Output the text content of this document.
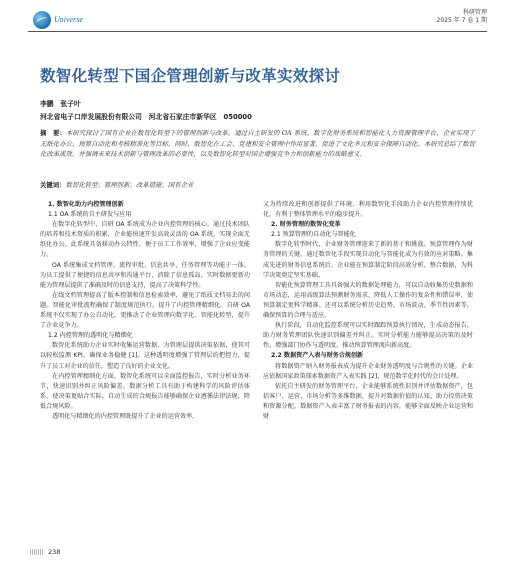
Universe
科研管理
2025 年 7 卷 1 期
数智化转型下国企管理创新与改革实效探讨
李鹏　张子叶
河北省电子口岸发展股份有限公司　河北省石家庄市新华区　050000
摘　要：本研究探讨了国有企业在数智化转型下的管理创新与改革。通过自主研发的 OA 系统、数字化财务系统和智能化人力资源管理平台，企业实现了无纸化办公、预算自动化和考核精准化等目标。同时，数智化在工会、党建和安全管理中作用显著，促进了文化多元和安全保障自动化。本研究总结了数智化改革成效，并强调未来技术创新与管理改革的必要性，以及数智化转型对国企增强竞争力和创新能力的战略意义。
关键词：数智化转型；管理创新；改革措施；国有企业

1. 数智化助力内控管理创新

1.1 OA 系统的自主研发与应用

在数字化转型中，自研 OA 系统成为企业内控管理的核心。通过技术团队的培养和技术资质的积累，企业能快速开发高效灵活的 OA 系统，实现全面无纸化办公。此系统具备移动办公特性，便于员工工作效率，增强了企业应变能力。

OA 系统集成文档管理、流程审批、信息共享、任务管理等功能于一体，为员工提供了便捷的信息共享和沟通平台，消除了信息孤岛。实时数据更新功能为管理层提供了准确及时的信息支持，提高了决策科学性。

在线文档管理提高了版本控制和信息检索效率，避免了纸质文档易丢的问题。智能化审批流程确保了制度规范执行，提升了内控管理精细化。自研 OA 系统不仅实现了办公自动化，更推动了企业管理向数字化、智能化转型，提升了企业竞争力。

1.2 内控管理的透明化与精细化

数智化系统助力企业实时收集运营数据，为管理层提供决策依据，使其可以较松监测 KPI，确保业务稳健 [1]。这种透明度增强了管理层的把控力，提升了员工对企业的信任，塑造了良好的企业文化。

在内控管理精细化方面，数智化系统可以全面监控报告，实时分析业务环节，快速识别并纠正风险偏差。数据分析工具有助于构建科学的风险评估体系，使决策更贴合实际。自动生成的合规报告能够确保企业遵循法律法规，降低合规风险。

透明化与精细化的内控管理既提升了企业的运营效率，

又为持续改进和创新提供了环境。利用数智化手段助力企业内控管理持续优化，有利于整体管理水平的稳步提升。

2. 财务管理的数智化变革

2.1 预算管理的自动化与智能化

数字化转型时代，企业财务管理迎来了新的基于和挑战。预算管理作为财务管理的关键，通过数智化手段实现自动化与智能化成为有效的应对策略。集成先进的财务信息系统后，企业能在预算制定阶段高效分析、整合数据，为科学决策奠定坚实基础。

智能化预算管理工具具备强大的数据处理能力，可以自动收集历史数据和市场动态，运用高级算法预测财务需求，降低人工操作的复杂性和错误率，使预算制定更科学精准。还可以系统分析历史趋势、市场波动、季节性因素等，确保预算的合理与适应。

执行阶段，自动化监控系统可以实时跟踪预算执行情况，生成动态报告，助力财务管理团队快速识别偏差并纠正。实时分析能力能够提高决策的及时性，增强部门协作与透明度，推动预算管理流向新高度。

2.2 数据资产入表与财务合规创新

将数据资产纳入财务报表成为提升企业财务透明度与合规性的关键。企业应依据国家政策探索数据资产入表实践 [2]，规范数字化时代的会计处理。

依托自主研发的财务管理平台，企业能够系统性识别并评估数据资产，包括客户、运营、市场分析等多维数据，提升对数据价值的认知，助力投资决策和资源分配。数据资产入表丰富了财务报表的内容，能够全面反映企业运营和财

238
